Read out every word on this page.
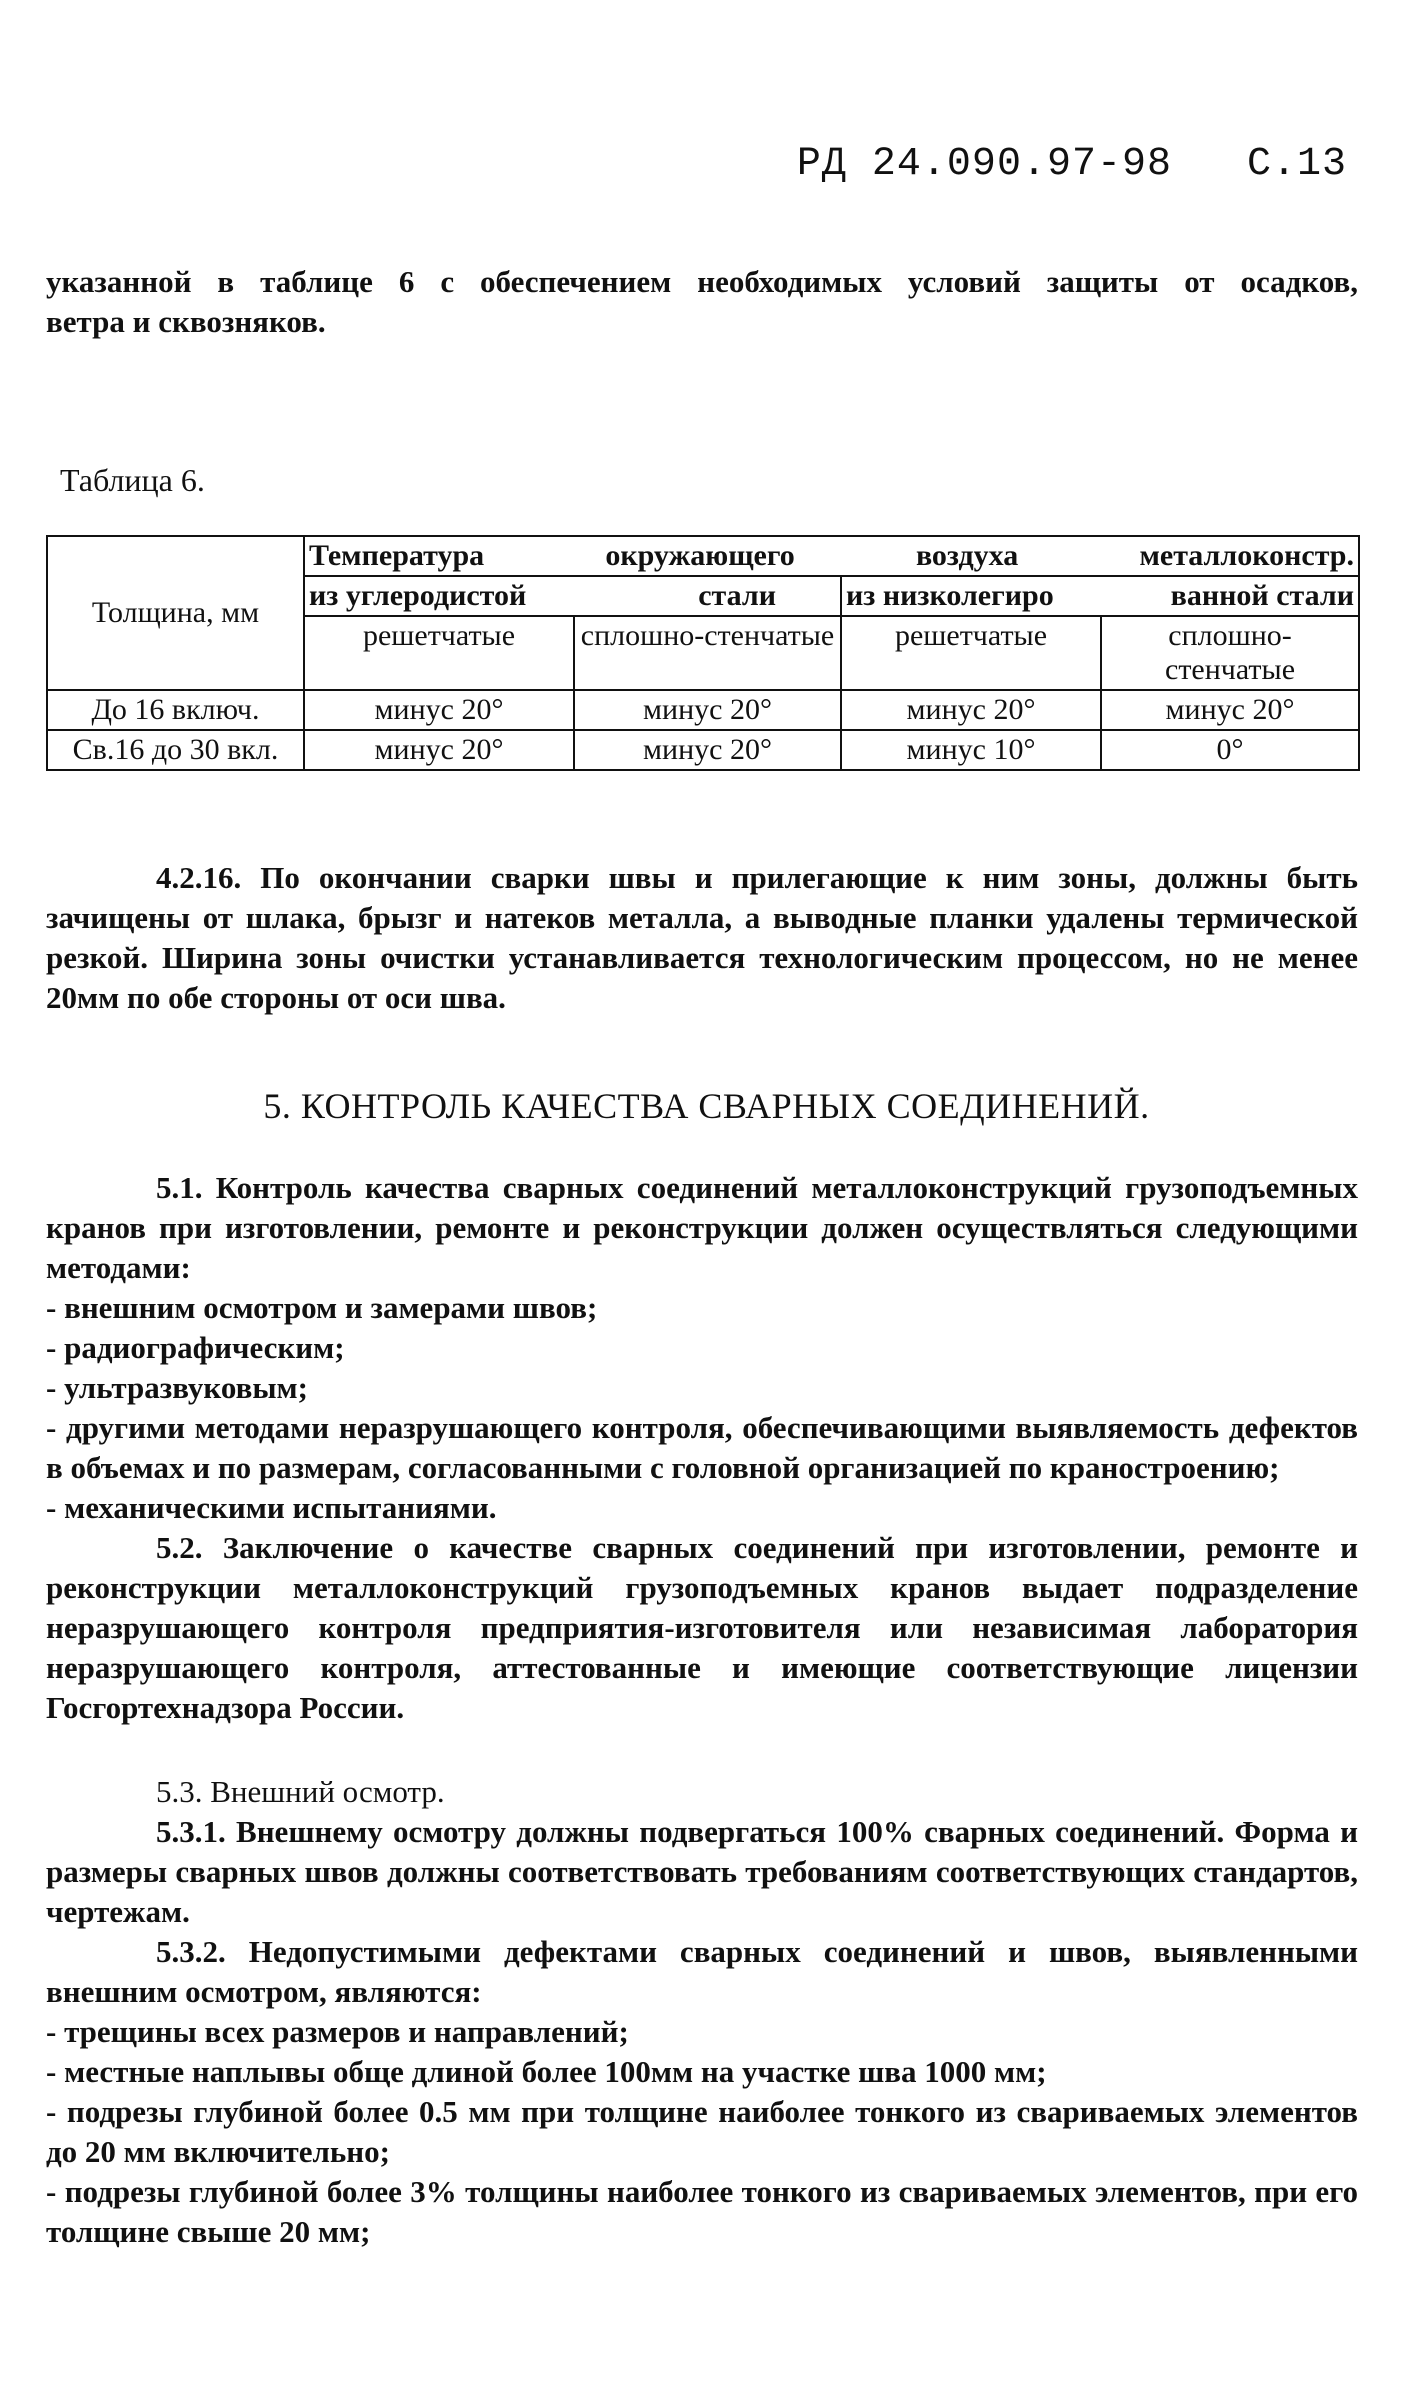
РД 24.090.97-98 С.13

указанной в таблице 6 с обеспечением необходимых условий защиты от осадков,

ветра и сквозняков.

Таблица 6.
Толщина, мм	Температура окружающего воздуха металлоконстр.			

	из углеродистой стали		из низколегиро ванной стали	

	решетчатые	сплошно-стенчатые	решетчатые	сплошно-стенчатые
До 16 включ.	минус 20°	минус 20°	минус 20°	минус 20°
Св.16 до 30 вкл.	минус 20°	минус 20°	минус 10°	0°

4.2.16. По окончании сварки швы и прилегающие к ним зоны, должны быть зачищены от шлака, брызг и натеков металла, а выводные планки удалены термической резкой. Ширина зоны очистки устанавливается технологическим процессом, но не менее 20мм по обе стороны от оси шва.

5. КОНТРОЛЬ КАЧЕСТВА СВАРНЫХ СОЕДИНЕНИЙ.

5.1. Контроль качества сварных соединений металлоконструкций грузоподъемных кранов при изготовлении, ремонте и реконструкции должен осуществляться следующими методами:

- внешним осмотром и замерами швов;

- радиографическим;

- ультразвуковым;

- другими методами неразрушающего контроля, обеспечивающими выявляемость дефектов в объемах и по размерам, согласованными с головной организацией по краностроению;

- механическими испытаниями.

5.2. Заключение о качестве сварных соединений при изготовлении, ремонте и реконструкции металлоконструкций грузоподъемных кранов выдает подразделение неразрушающего контроля предприятия-изготовителя или независимая лаборатория неразрушающего контроля, аттестованные и имеющие соответствующие лицензии Госгортехнадзора России.

5.3. Внешний осмотр.

5.3.1. Внешнему осмотру должны подвергаться 100% сварных соединений. Форма и размеры сварных швов должны соответствовать требованиям соответствующих стандартов, чертежам.

5.3.2. Недопустимыми дефектами сварных соединений и швов, выявленными внешним осмотром, являются:

- трещины всех размеров и направлений;

- местные наплывы обще длиной более 100мм на участке шва 1000 мм;

- подрезы глубиной более 0.5 мм при толщине наиболее тонкого из свариваемых элементов до 20 мм включительно;

- подрезы глубиной более 3% толщины наиболее тонкого из свариваемых элементов, при его толщине свыше 20 мм;
